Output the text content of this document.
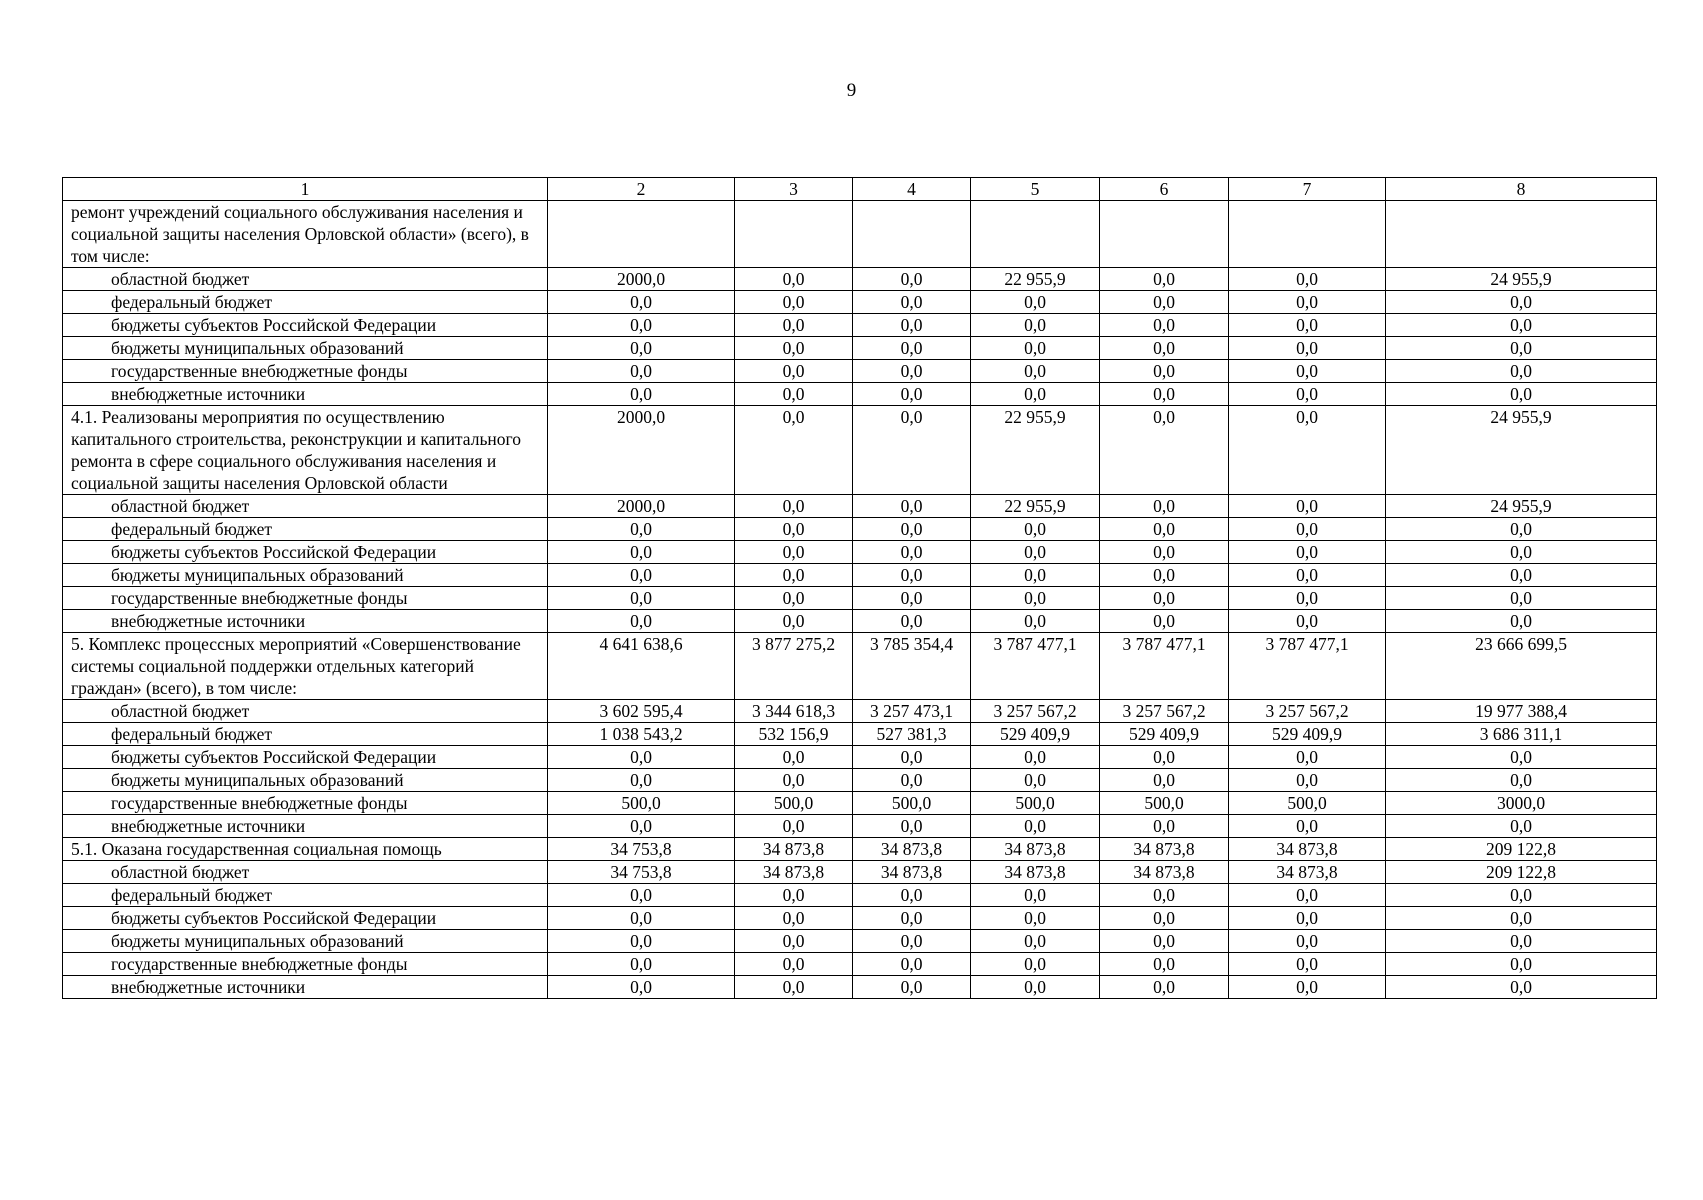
9
1	2	3	4	5	6	7	8
ремонт учреждений социального обслуживания населения и социальной защиты населения Орловской области» (всего), в том числе:							
областной бюджет	2000,0	0,0	0,0	22 955,9	0,0	0,0	24 955,9
федеральный бюджет	0,0	0,0	0,0	0,0	0,0	0,0	0,0
бюджеты субъектов Российской Федерации	0,0	0,0	0,0	0,0	0,0	0,0	0,0
бюджеты муниципальных образований	0,0	0,0	0,0	0,0	0,0	0,0	0,0
государственные внебюджетные фонды	0,0	0,0	0,0	0,0	0,0	0,0	0,0
внебюджетные источники	0,0	0,0	0,0	0,0	0,0	0,0	0,0
4.1. Реализованы мероприятия по осуществлению капитального строительства, реконструкции и капитального ремонта в сфере социального обслуживания населения и социальной защиты населения Орловской области	2000,0	0,0	0,0	22 955,9	0,0	0,0	24 955,9
областной бюджет	2000,0	0,0	0,0	22 955,9	0,0	0,0	24 955,9
федеральный бюджет	0,0	0,0	0,0	0,0	0,0	0,0	0,0
бюджеты субъектов Российской Федерации	0,0	0,0	0,0	0,0	0,0	0,0	0,0
бюджеты муниципальных образований	0,0	0,0	0,0	0,0	0,0	0,0	0,0
государственные внебюджетные фонды	0,0	0,0	0,0	0,0	0,0	0,0	0,0
внебюджетные источники	0,0	0,0	0,0	0,0	0,0	0,0	0,0
5. Комплекс процессных мероприятий «Совершенствование системы социальной поддержки отдельных категорий граждан» (всего), в том числе:	4 641 638,6	3 877 275,2	3 785 354,4	3 787 477,1	3 787 477,1	3 787 477,1	23 666 699,5
областной бюджет	3 602 595,4	3 344 618,3	3 257 473,1	3 257 567,2	3 257 567,2	3 257 567,2	19 977 388,4
федеральный бюджет	1 038 543,2	532 156,9	527 381,3	529 409,9	529 409,9	529 409,9	3 686 311,1
бюджеты субъектов Российской Федерации	0,0	0,0	0,0	0,0	0,0	0,0	0,0
бюджеты муниципальных образований	0,0	0,0	0,0	0,0	0,0	0,0	0,0
государственные внебюджетные фонды	500,0	500,0	500,0	500,0	500,0	500,0	3000,0
внебюджетные источники	0,0	0,0	0,0	0,0	0,0	0,0	0,0
5.1. Оказана государственная социальная помощь	34 753,8	34 873,8	34 873,8	34 873,8	34 873,8	34 873,8	209 122,8
областной бюджет	34 753,8	34 873,8	34 873,8	34 873,8	34 873,8	34 873,8	209 122,8
федеральный бюджет	0,0	0,0	0,0	0,0	0,0	0,0	0,0
бюджеты субъектов Российской Федерации	0,0	0,0	0,0	0,0	0,0	0,0	0,0
бюджеты муниципальных образований	0,0	0,0	0,0	0,0	0,0	0,0	0,0
государственные внебюджетные фонды	0,0	0,0	0,0	0,0	0,0	0,0	0,0
внебюджетные источники	0,0	0,0	0,0	0,0	0,0	0,0	0,0
